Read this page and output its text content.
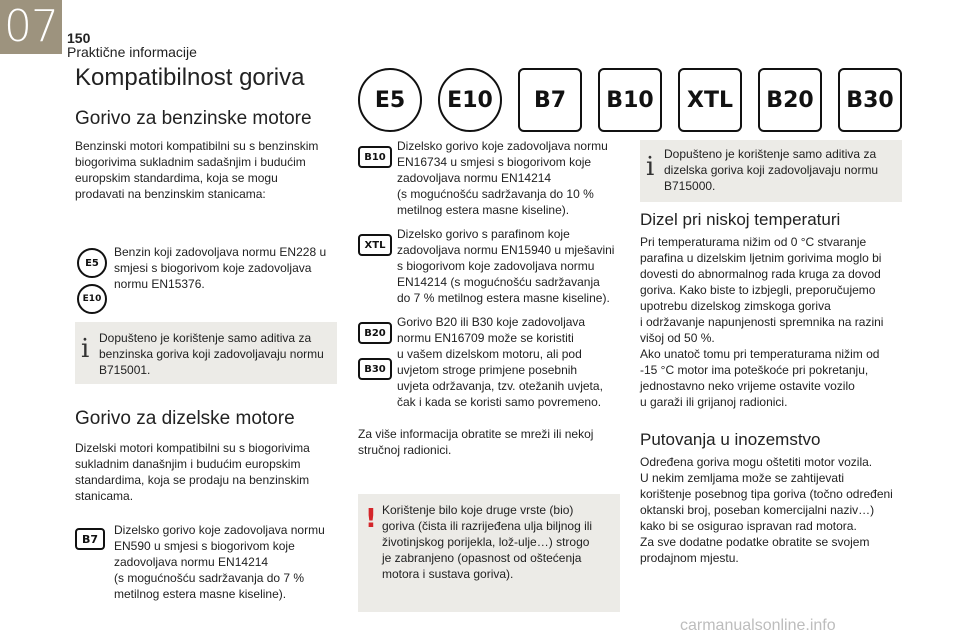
07 150
Praktične informacije
Kompatibilnost goriva
E5	E10	B7	B10	XTL	B20	B30
Gorivo za benzinske motore
Benzinski motori kompatibilni su s benzinskim
biogorivima sukladnim sadašnjim i budućim
europskim standardima, koja se mogu
prodavati na benzinskim stanicama:
E5
E10
Benzin koji zadovoljava normu EN228 u
smjesi s biogorivom koje zadovoljava
normu EN15376.
i Dopušteno je korištenje samo aditiva za
benzinska goriva koji zadovoljavaju normu
B715001.
Gorivo za dizelske motore
Dizelski motori kompatibilni su s biogorivima
sukladnim današnjim i budućim europskim
standardima, koja se prodaju na benzinskim
stanicama.
B7
Dizelsko gorivo koje zadovoljava normu
EN590 u smjesi s biogorivom koje
zadovoljava normu EN14214
(s mogućnošću sadržavanja do 7 %
metilnog estera masne kiseline).
B10
Dizelsko gorivo koje zadovoljava normu
EN16734 u smjesi s biogorivom koje
zadovoljava normu EN14214
(s mogućnošću sadržavanja do 10 %
metilnog estera masne kiseline).
XTL
Dizelsko gorivo s parafinom koje
zadovoljava normu EN15940 u mješavini
s biogorivom koje zadovoljava normu
EN14214 (s mogućnošću sadržavanja
do 7 % metilnog estera masne kiseline).
B20
B30
Gorivo B20 ili B30 koje zadovoljava
normu EN16709 može se koristiti
u vašem dizelskom motoru, ali pod
uvjetom stroge primjene posebnih
uvjeta održavanja, tzv. otežanih uvjeta,
čak i kada se koristi samo povremeno.
Za više informacija obratite se mreži ili nekoj
stručnoj radionici.
! Korištenje bilo koje druge vrste (bio)
goriva (čista ili razrijeđena ulja biljnog ili
životinjskog porijekla, lož-ulje…) strogo
je zabranjeno (opasnost od oštećenja
motora i sustava goriva).
i Dopušteno je korištenje samo aditiva za
dizelska goriva koji zadovoljavaju normu
B715000.
Dizel pri niskoj temperaturi
Pri temperaturama nižim od 0 °C stvaranje
parafina u dizelskim ljetnim gorivima moglo bi
dovesti do abnormalnog rada kruga za dovod
goriva. Kako biste to izbjegli, preporučujemo
upotrebu dizelskog zimskoga goriva
i održavanje napunjenosti spremnika na razini
višoj od 50 %.
Ako unatoč tomu pri temperaturama nižim od
-15 °C motor ima poteškoće pri pokretanju,
jednostavno neko vrijeme ostavite vozilo
u garaži ili grijanoj radionici.
Putovanja u inozemstvo
Određena goriva mogu oštetiti motor vozila.
U nekim zemljama može se zahtijevati
korištenje posebnog tipa goriva (točno određeni
oktanski broj, poseban komercijalni naziv…)
kako bi se osigurao ispravan rad motora.
Za sve dodatne podatke obratite se svojem
prodajnom mjestu.
carmanualsonline.info
